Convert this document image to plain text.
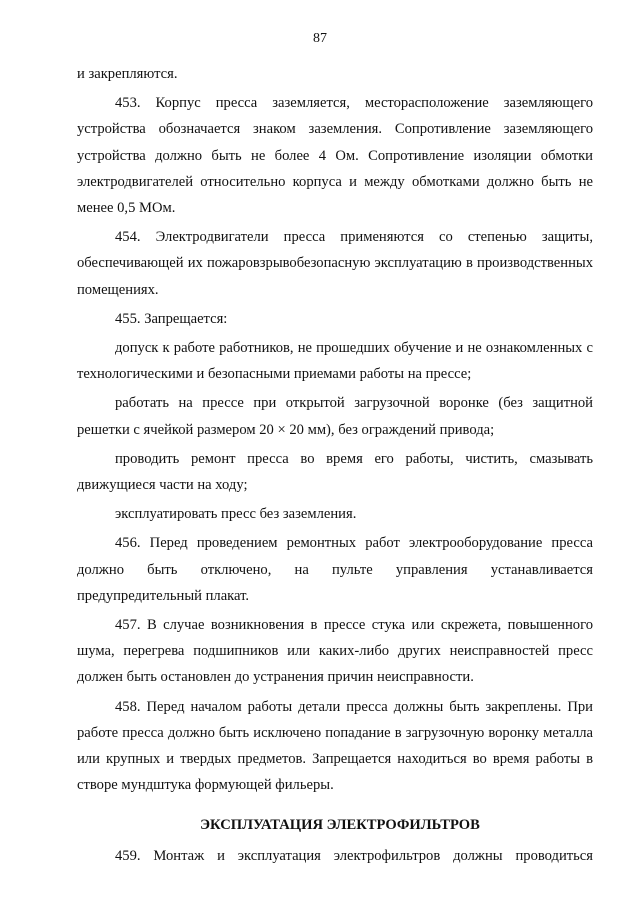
87

и закрепляются.

453. Корпус пресса заземляется, месторасположение заземляющего устройства обозначается знаком заземления. Сопротивление заземляющего устройства должно быть не более 4 Ом. Сопротивление изоляции обмотки электродвигателей относительно корпуса и между обмотками должно быть не менее 0,5 МОм.

454. Электродвигатели пресса применяются со степенью защиты, обеспечивающей их пожаровзрывобезопасную эксплуатацию в производственных помещениях.

455. Запрещается:

допуск к работе работников, не прошедших обучение и не ознакомленных с технологическими и безопасными приемами работы на прессе;

работать на прессе при открытой загрузочной воронке (без защитной решетки с ячейкой размером 20 × 20 мм), без ограждений привода;

проводить ремонт пресса во время его работы, чистить, смазывать движущиеся части на ходу;

эксплуатировать пресс без заземления.

456. Перед проведением ремонтных работ электрооборудование пресса должно быть отключено, на пульте управления устанавливается предупредительный плакат.

457. В случае возникновения в прессе стука или скрежета, повышенного шума, перегрева подшипников или каких-либо других неисправностей пресс должен быть остановлен до устранения причин неисправности.

458. Перед началом работы детали пресса должны быть закреплены. При работе пресса должно быть исключено попадание в загрузочную воронку металла или крупных и твердых предметов. Запрещается находиться во время работы в створе мундштука формующей фильеры.

ЭКСПЛУАТАЦИЯ ЭЛЕКТРОФИЛЬТРОВ

459. Монтаж и эксплуатация электрофильтров должны проводиться
